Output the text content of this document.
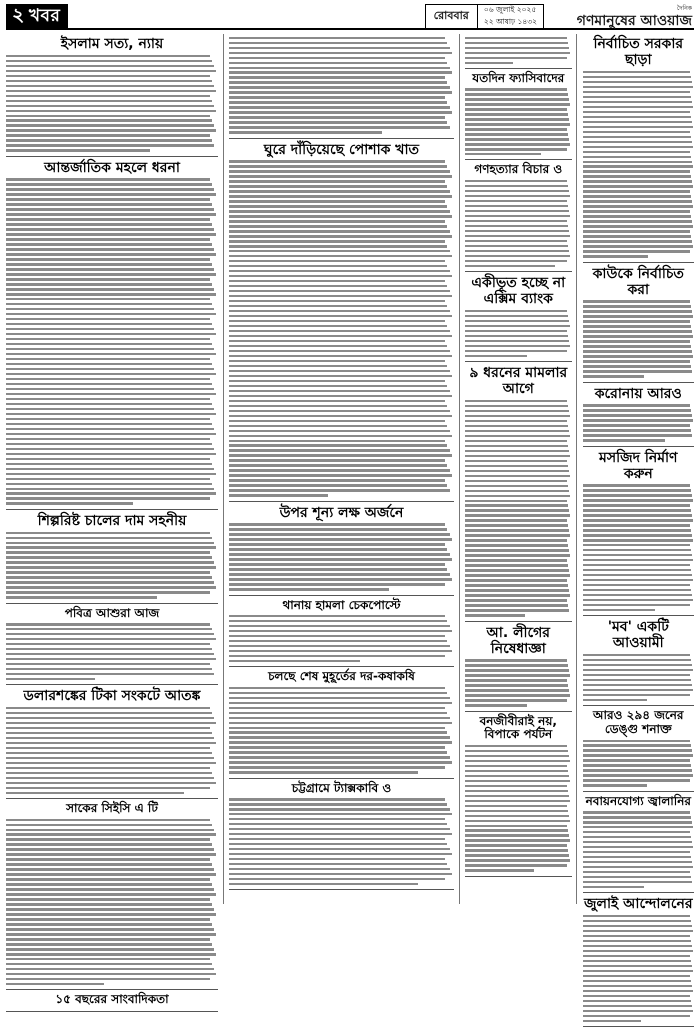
২ খবর	রোববার	০৬ জুলাই ২০২৫
২২ আষাঢ় ১৪৩২
দৈনিক
গণমানুষের আওয়াজ
ইসলাম সত্য, ন্যায়
আন্তর্জাতিক মহলে ধরনা
শিল্পরিষ্ট চালের দাম সহনীয়
পবিত্র আশুরা আজ
ডলারশঙ্কের টিকা সংকটে আতঙ্ক
সাকের সিইসি এ টি
১৫ বছরের সাংবাদিকতা
ঘুরে দাঁড়িয়েছে পোশাক খাত
উপর শূন্য লক্ষ অর্জনে
থানায় হামলা চেকপোস্টে
চলছে শেষ মুহূর্তের দর-কষাকষি
চট্টগ্রামে ট্যাক্সকাবি ও
যতদিন ফ্যাসিবাদের
গণহত্যার বিচার ও
একীভূত হচ্ছে না এক্সিম ব্যাংক
৯ ধরনের মামলার আগে
আ. লীগের নিষেধাজ্ঞা
বনজীবীরাই নয়, বিপাকে পর্যটন
নির্বাচিত সরকার ছাড়া
কাউকে নির্বাচিত করা
করোনায় আরও
মসজিদ নির্মাণ করুন
'মব' একটি আওয়ামী
আরও ২৯৪ জনের ডেঙ্গু শনাক্ত
নবায়নযোগ্য জ্বালানির
জুলাই আন্দোলনের
